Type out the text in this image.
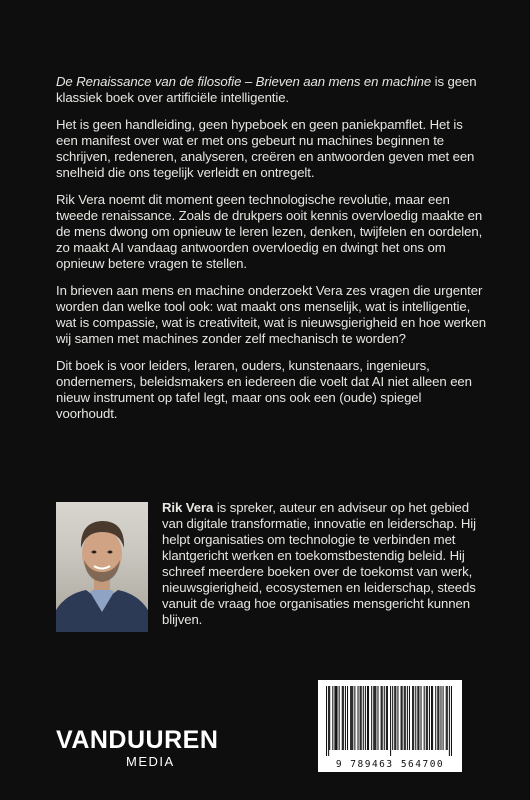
De Renaissance van de filosofie – Brieven aan mens en machine is geen klassiek boek over artificiële intelligentie.

Het is geen handleiding, geen hypeboek en geen paniekpamflet. Het is een manifest over wat er met ons gebeurt nu machines beginnen te schrijven, redeneren, analyseren, creëren en antwoorden geven met een snelheid die ons tegelijk verleidt en ontregelt.

Rik Vera noemt dit moment geen technologische revolutie, maar een tweede renaissance. Zoals de drukpers ooit kennis overvloedig maakte en de mens dwong om opnieuw te leren lezen, denken, twijfelen en oordelen, zo maakt AI vandaag antwoorden overvloedig en dwingt het ons om opnieuw betere vragen te stellen.

In brieven aan mens en machine onderzoekt Vera zes vragen die urgenter worden dan welke tool ook: wat maakt ons menselijk, wat is intelligentie, wat is compassie, wat is creativiteit, wat is nieuwsgierigheid en hoe werken wij samen met machines zonder zelf mechanisch te worden?

Dit boek is voor leiders, leraren, ouders, kunstenaars, ingenieurs, ondernemers, beleidsmakers en iedereen die voelt dat AI niet alleen een nieuw instrument op tafel legt, maar ons ook een (oude) spiegel voorhoudt.

Rik Vera is spreker, auteur en adviseur op het gebied van digitale transformatie, innovatie en leiderschap. Hij helpt organisaties om technologie te verbinden met klantgericht werken en toekomstbestendig beleid. Hij schreef meerdere boeken over de toekomst van werk, nieuwsgierigheid, ecosystemen en leiderschap, steeds vanuit de vraag hoe organisaties mensgericht kunnen blijven.

VANDUUREN
MEDIA	9 789463 564700
